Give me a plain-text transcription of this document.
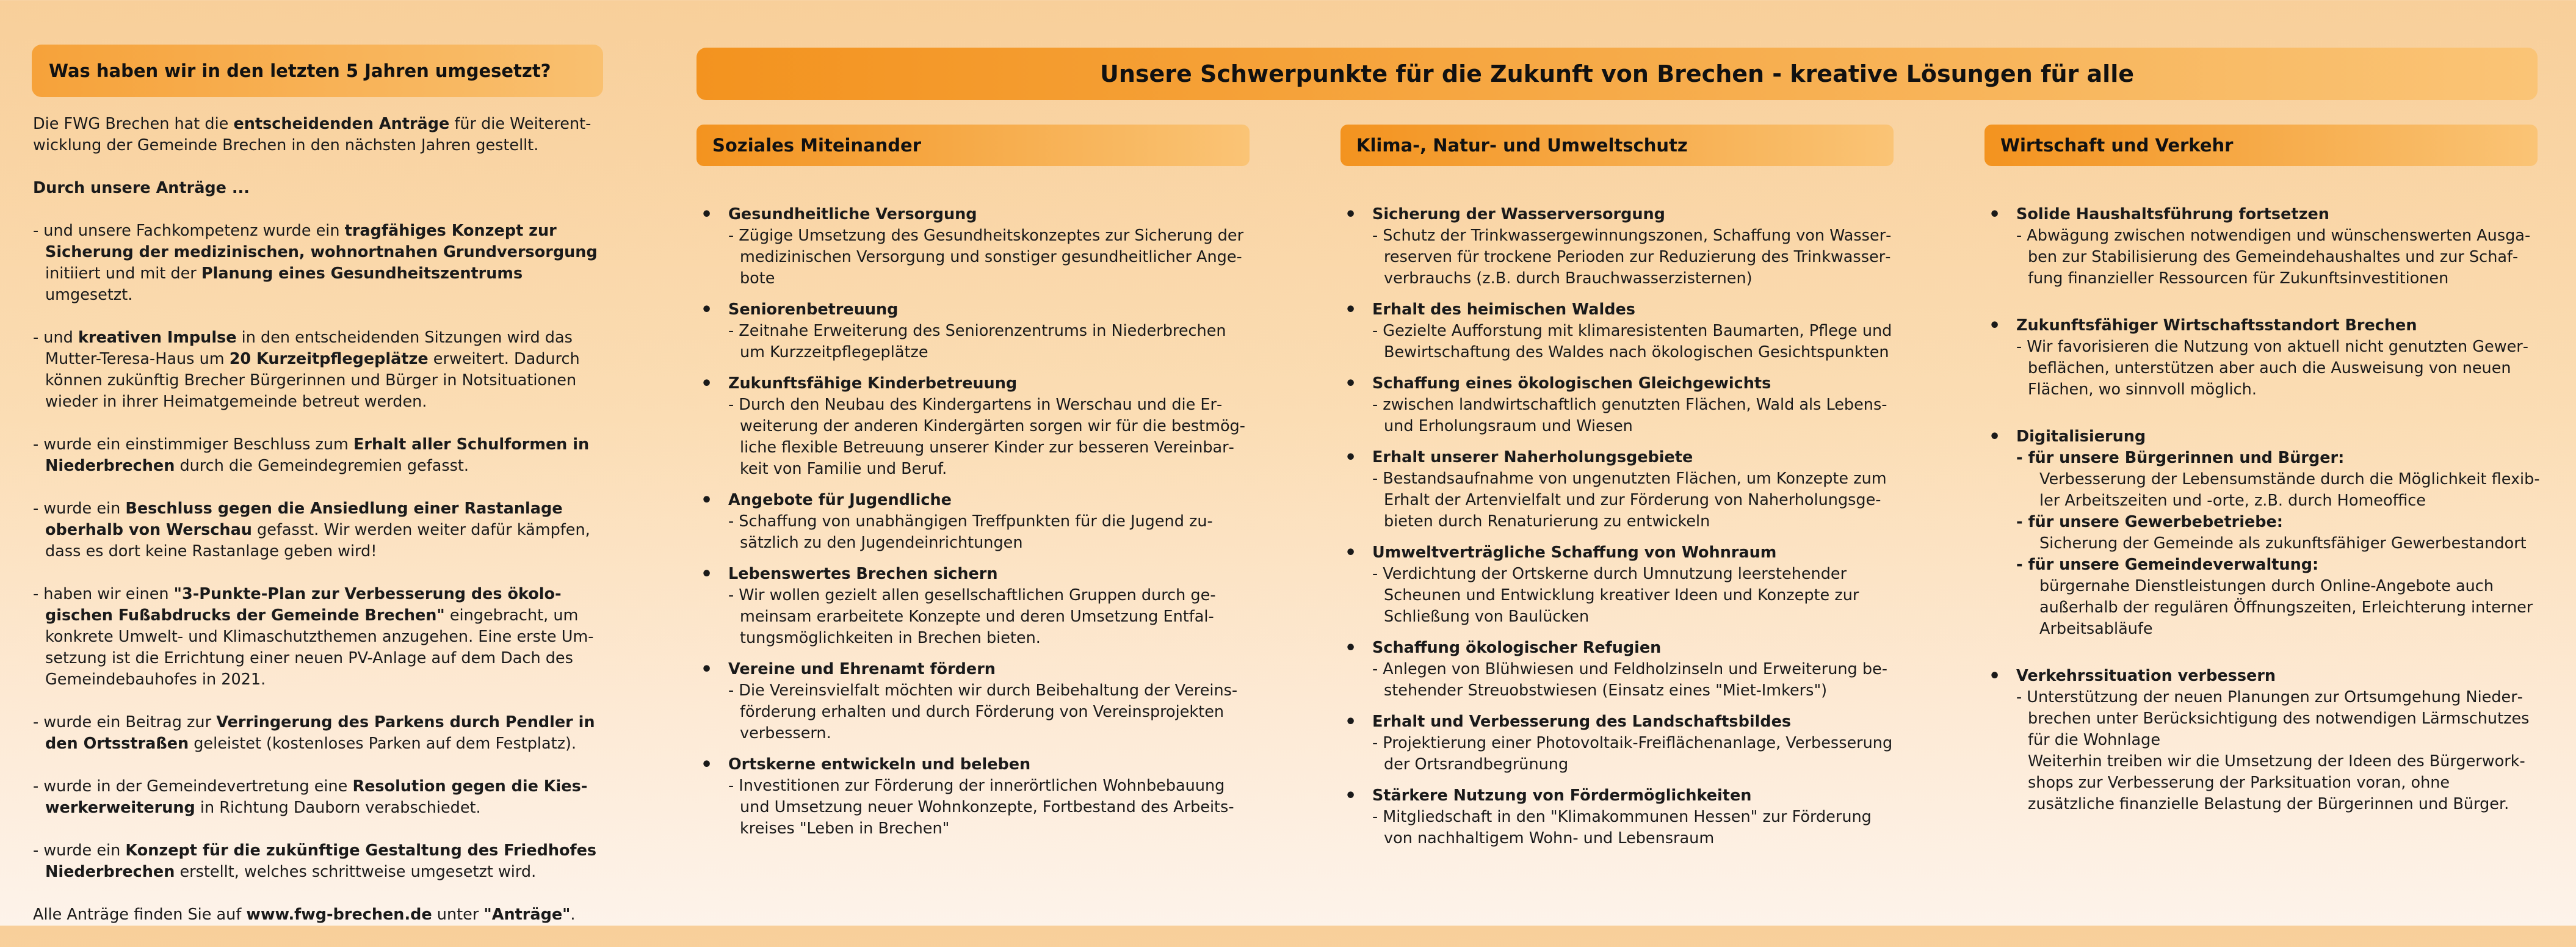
Was haben wir in den letzten 5 Jahren umgesetzt?	Unsere Schwerpunkte für die Zukunft von Brechen - kreative Lösungen für alle
Soziales Miteinander	Klima-, Natur- und Umweltschutz	Wirtschaft und Verkehr

Die FWG Brechen hat die entscheidenden Anträge für die Weiterentwicklung der Gemeinde Brechen in den nächsten Jahren gestellt.

Durch unsere Anträge ...

- und unsere Fachkompetenz wurde ein tragfähiges Konzept zur Sicherung der medizinischen, wohnortnahen Grundversorgung initiiert und mit der Planung eines Gesundheitszentrums umgesetzt.

- und kreativen Impulse in den entscheidenden Sitzungen wird das Mutter-Teresa-Haus um 20 Kurzeitpflegeplätze erweitert. Dadurch können zukünftig Brecher Bürgerinnen und Bürger in Notsituationen wieder in ihrer Heimatgemeinde betreut werden.

- wurde ein einstimmiger Beschluss zum Erhalt aller Schulformen in Niederbrechen durch die Gemeindegremien gefasst.

- wurde ein Beschluss gegen die Ansiedlung einer Rastanlage oberhalb von Werschau gefasst. Wir werden weiter dafür kämpfen, dass es dort keine Rastanlage geben wird!

- haben wir einen "3-Punkte-Plan zur Verbesserung des ökologischen Fußabdrucks der Gemeinde Brechen" eingebracht, um konkrete Umwelt- und Klimaschutzthemen anzugehen. Eine erste Umsetzung ist die Errichtung einer neuen PV-Anlage auf dem Dach des Gemeindebauhofes in 2021.

- wurde ein Beitrag zur Verringerung des Parkens durch Pendler in den Ortsstraßen geleistet (kostenloses Parken auf dem Festplatz).

- wurde in der Gemeindevertretung eine Resolution gegen die Kieswerkerweiterung in Richtung Dauborn verabschiedet.

- wurde ein Konzept für die zukünftige Gestaltung des Friedhofes Niederbrechen erstellt, welches schrittweise umgesetzt wird.

Alle Anträge finden Sie auf www.fwg-brechen.de unter "Anträge".

• Gesundheitliche Versorgung
- Zügige Umsetzung des Gesundheitskonzeptes zur Sicherung der medizinischen Versorgung und sonstiger gesundheitlicher Angebote
• Seniorenbetreuung
- Zeitnahe Erweiterung des Seniorenzentrums in Niederbrechen um Kurzzeitpflegeplätze
• Zukunftsfähige Kinderbetreuung
- Durch den Neubau des Kindergartens in Werschau und die Erweiterung der anderen Kindergärten sorgen wir für die bestmögliche flexible Betreuung unserer Kinder zur besseren Vereinbarkeit von Familie und Beruf.
• Angebote für Jugendliche
- Schaffung von unabhängigen Treffpunkten für die Jugend zusätzlich zu den Jugendeinrichtungen
• Lebenswertes Brechen sichern
- Wir wollen gezielt allen gesellschaftlichen Gruppen durch gemeinsam erarbeitete Konzepte und deren Umsetzung Entfaltungsmöglichkeiten in Brechen bieten.
• Vereine und Ehrenamt fördern
- Die Vereinsvielfalt möchten wir durch Beibehaltung der Vereinsförderung erhalten und durch Förderung von Vereinsprojekten verbessern.
• Ortskerne entwickeln und beleben
- Investitionen zur Förderung der innerörtlichen Wohnbebauung und Umsetzung neuer Wohnkonzepte, Fortbestand des Arbeitskreises "Leben in Brechen"
• Sicherung der Wasserversorgung
- Schutz der Trinkwassergewinnungszonen, Schaffung von Wasserreserven für trockene Perioden zur Reduzierung des Trinkwasserverbrauchs (z.B. durch Brauchwasserzisternen)
• Erhalt des heimischen Waldes
- Gezielte Aufforstung mit klimaresistenten Baumarten, Pflege und Bewirtschaftung des Waldes nach ökologischen Gesichtspunkten
• Schaffung eines ökologischen Gleichgewichts
- zwischen landwirtschaftlich genutzten Flächen, Wald als Lebens und Erholungsraum und Wiesen
• Erhalt unserer Naherholungsgebiete
- Bestandsaufnahme von ungenutzten Flächen, um Konzepte zum Erhalt der Artenvielfalt und zur Förderung von Naherholungsgebieten durch Renaturierung zu entwickeln
• Umweltverträgliche Schaffung von Wohnraum
- Verdichtung der Ortskerne durch Umnutzung leerstehender Scheunen und Entwicklung kreativer Ideen und Konzepte zur Schließung von Baulücken
• Schaffung ökologischer Refugien
- Anlegen von Blühwiesen und Feldholzinseln und Erweiterung bestehender Streuobstwiesen (Einsatz eines "Miet-Imkers")
• Erhalt und Verbesserung des Landschaftsbildes
- Projektierung einer Photovoltaik-Freiflächenanlage, Verbesserung der Ortsrandbegrünung
• Stärkere Nutzung von Fördermöglichkeiten
- Mitgliedschaft in den "Klimakommunen Hessen" zur Förderung von nachhaltigem Wohn- und Lebensraum
• Solide Haushaltsführung fortsetzen
- Abwägung zwischen notwendigen und wünschenswerten Ausgaben zur Stabilisierung des Gemeindehaushaltes und zur Schaffung finanzieller Ressourcen für Zukunftsinvestitionen
• Zukunftsfähiger Wirtschaftsstandort Brechen
- Wir favorisieren die Nutzung von aktuell nicht genutzten Gewerbeflächen, unterstützen aber auch die Ausweisung von neuen Flächen, wo sinnvoll möglich.
• Digitalisierung
- für unsere Bürgerinnen und Bürger:
Verbesserung der Lebensumstände durch die Möglichkeit flexibler Arbeitszeiten und -orte, z.B. durch Homeoffice
- für unsere Gewerbebetriebe:
Sicherung der Gemeinde als zukunftsfähiger Gewerbestandort
- für unsere Gemeindeverwaltung:
bürgernahe Dienstleistungen durch Online-Angebote auch außerhalb der regulären Öffnungszeiten, Erleichterung interner Arbeitsabläufe
• Verkehrssituation verbessern
- Unterstützung der neuen Planungen zur Ortsumgehung Niederbrechen unter Berücksichtigung des notwendigen Lärmschutzes für die Wohnlage
Weiterhin treiben wir die Umsetzung der Ideen des Bürgerworkshops zur Verbesserung der Parksituation voran, ohne zusätzliche finanzielle Belastung der Bürgerinnen und Bürger.
